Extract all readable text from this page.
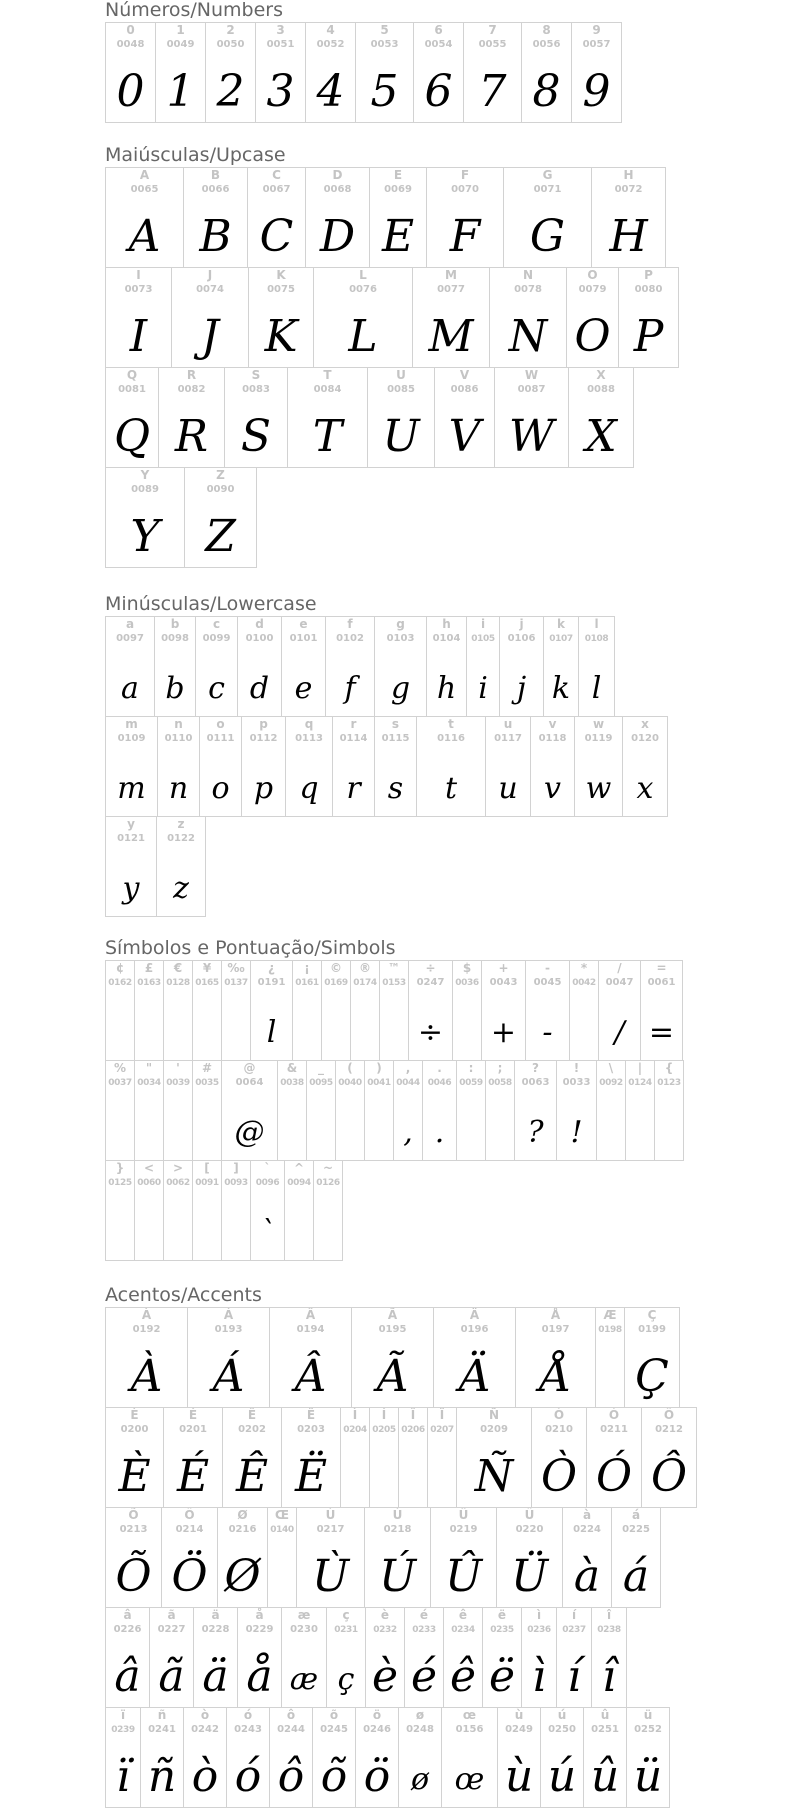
Números/Numbers
0
0048
0
1
0049
1
2
0050
2
3
0051
3
4
0052
4
5
0053
5
6
0054
6
7
0055
7
8
0056
8
9
0057
9
Maiúsculas/Upcase
A
0065
A
B
0066
B
C
0067
C
D
0068
D
E
0069
E
F
0070
F
G
0071
G
H
0072
H
I
0073
I
J
0074
J
K
0075
K
L
0076
L
M
0077
M
N
0078
N
O
0079
O
P
0080
P
Q
0081
Q
R
0082
R
S
0083
S
T
0084
T
U
0085
U
V
0086
V
W
0087
W
X
0088
X
Y
0089
Y
Z
0090
Z
Minúsculas/Lowercase
a
0097
a
b
0098
b
c
0099
c
d
0100
d
e
0101
e
f
0102
f
g
0103
g
h
0104
h
i
0105
i
j
0106
j
k
0107
k
l
0108
l
m
0109
m
n
0110
n
o
0111
o
p
0112
p
q
0113
q
r
0114
r
s
0115
s
t
0116
t
u
0117
u
v
0118
v
w
0119
w
x
0120
x
y
0121
y
z
0122
z
Símbolos e Pontuação/Simbols
¢
0162
£
0163
€
0128
¥
0165
‰
0137
¿
0191
l
¡
0161
©
0169
®
0174
™
0153
÷
0247
÷
$
0036
+
0043
+
-
0045
-
*
0042
/
0047
/
=
0061
=
%
0037
"
0034
'
0039
#
0035
@
0064
@
&
0038
_
0095
(
0040
)
0041
,
0044
,
.
0046
.
:
0059
;
0058
?
0063
?
!
0033
!
\
0092
|
0124
{
0123
}
0125
<
0060
>
0062
[
0091
]
0093
`
0096
`
^
0094
~
0126
Acentos/Accents
À
0192
À
Á
0193
Á
Â
0194
Â
Ã
0195
Ã
Ä
0196
Ä
Å
0197
Å
Æ
0198
Ç
0199
Ç
È
0200
È
É
0201
É
Ê
0202
Ê
Ë
0203
Ë
Ì
0204
Í
0205
Î
0206
Ï
0207
Ñ
0209
Ñ
Ò
0210
Ò
Ó
0211
Ó
Ô
0212
Ô
Õ
0213
Õ
Ö
0214
Ö
Ø
0216
Ø
Œ
0140
Ù
0217
Ù
Ú
0218
Ú
Û
0219
Û
Ü
0220
Ü
à
0224
à
á
0225
á
â
0226
â
ã
0227
ã
ä
0228
ä
å
0229
å
æ
0230
æ
ç
0231
ç
è
0232
è
é
0233
é
ê
0234
ê
ë
0235
ë
ì
0236
ì
í
0237
í
î
0238
î
ï
0239
ï
ñ
0241
ñ
ò
0242
ò
ó
0243
ó
ô
0244
ô
õ
0245
õ
ö
0246
ö
ø
0248
ø
œ
0156
œ
ù
0249
ù
ú
0250
ú
û
0251
û
ü
0252
ü
